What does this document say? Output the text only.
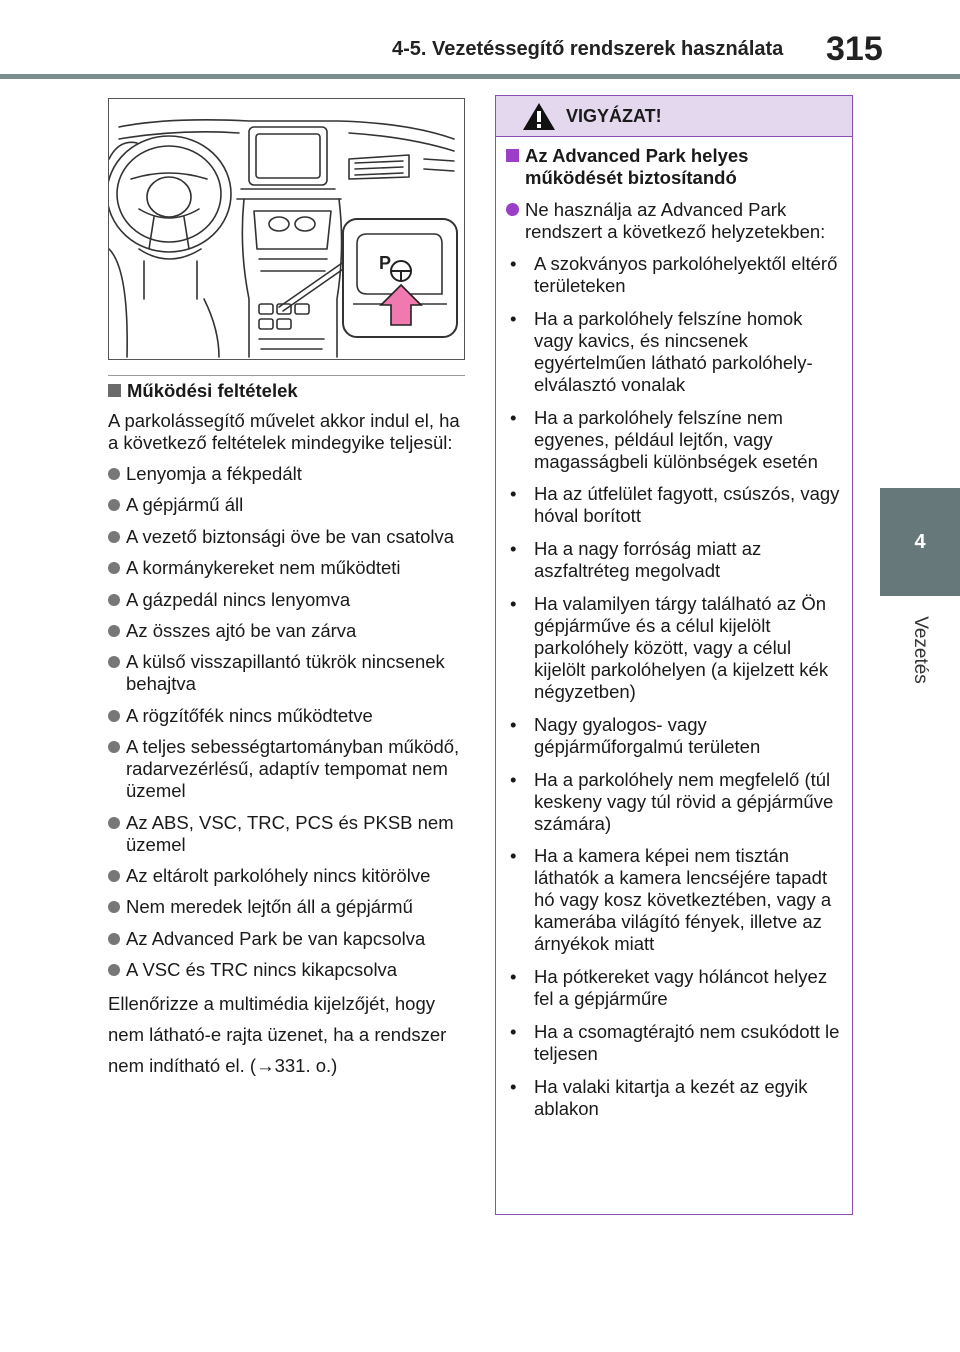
4-5. Vezetéssegítő rendszerek használata 315
4
Vezetés
P
Működési feltételek
A parkolássegítő művelet akkor indul el, ha a következő feltételek mindegyike teljesül:
Lenyomja a fékpedált
A gépjármű áll
A vezető biztonsági öve be van csatolva
A kormánykereket nem működteti
A gázpedál nincs lenyomva
Az összes ajtó be van zárva
A külső visszapillantó tükrök nincsenek behajtva
A rögzítőfék nincs működtetve
A teljes sebességtartományban működő, radarvezérlésű, adaptív tempomat nem üzemel
Az ABS, VSC, TRC, PCS és PKSB nem üzemel
Az eltárolt parkolóhely nincs kitörölve
Nem meredek lejtőn áll a gépjármű
Az Advanced Park be van kapcsolva
A VSC és TRC nincs kikapcsolva
Ellenőrizze a multimédia kijelzőjét, hogy nem látható-e rajta üzenet, ha a rendszer nem indítható el. (→331. o.)
VIGYÁZAT!
Az Advanced Park helyes működését biztosítandó
Ne használja az Advanced Park rendszert a következő helyzetekben:
• A szokványos parkolóhelyektől eltérő területeken
• Ha a parkolóhely felszíne homok vagy kavics, és nincsenek egyértelműen látható parkolóhely-elválasztó vonalak
• Ha a parkolóhely felszíne nem egyenes, például lejtőn, vagy magasságbeli különbségek esetén
• Ha az útfelület fagyott, csúszós, vagy hóval borított
• Ha a nagy forróság miatt az aszfaltréteg megolvadt
• Ha valamilyen tárgy található az Ön gépjárműve és a célul kijelölt parkolóhely között, vagy a célul kijelölt parkolóhelyen (a kijelzett kék négyzetben)
• Nagy gyalogos- vagy gépjárműforgalmú területen
• Ha a parkolóhely nem megfelelő (túl keskeny vagy túl rövid a gépjárműve számára)
• Ha a kamera képei nem tisztán láthatók a kamera lencséjére tapadt hó vagy kosz következtében, vagy a kamerába világító fények, illetve az árnyékok miatt
• Ha pótkereket vagy hóláncot helyez fel a gépjárműre
• Ha a csomagtérajtó nem csukódott le teljesen
• Ha valaki kitartja a kezét az egyik ablakon
